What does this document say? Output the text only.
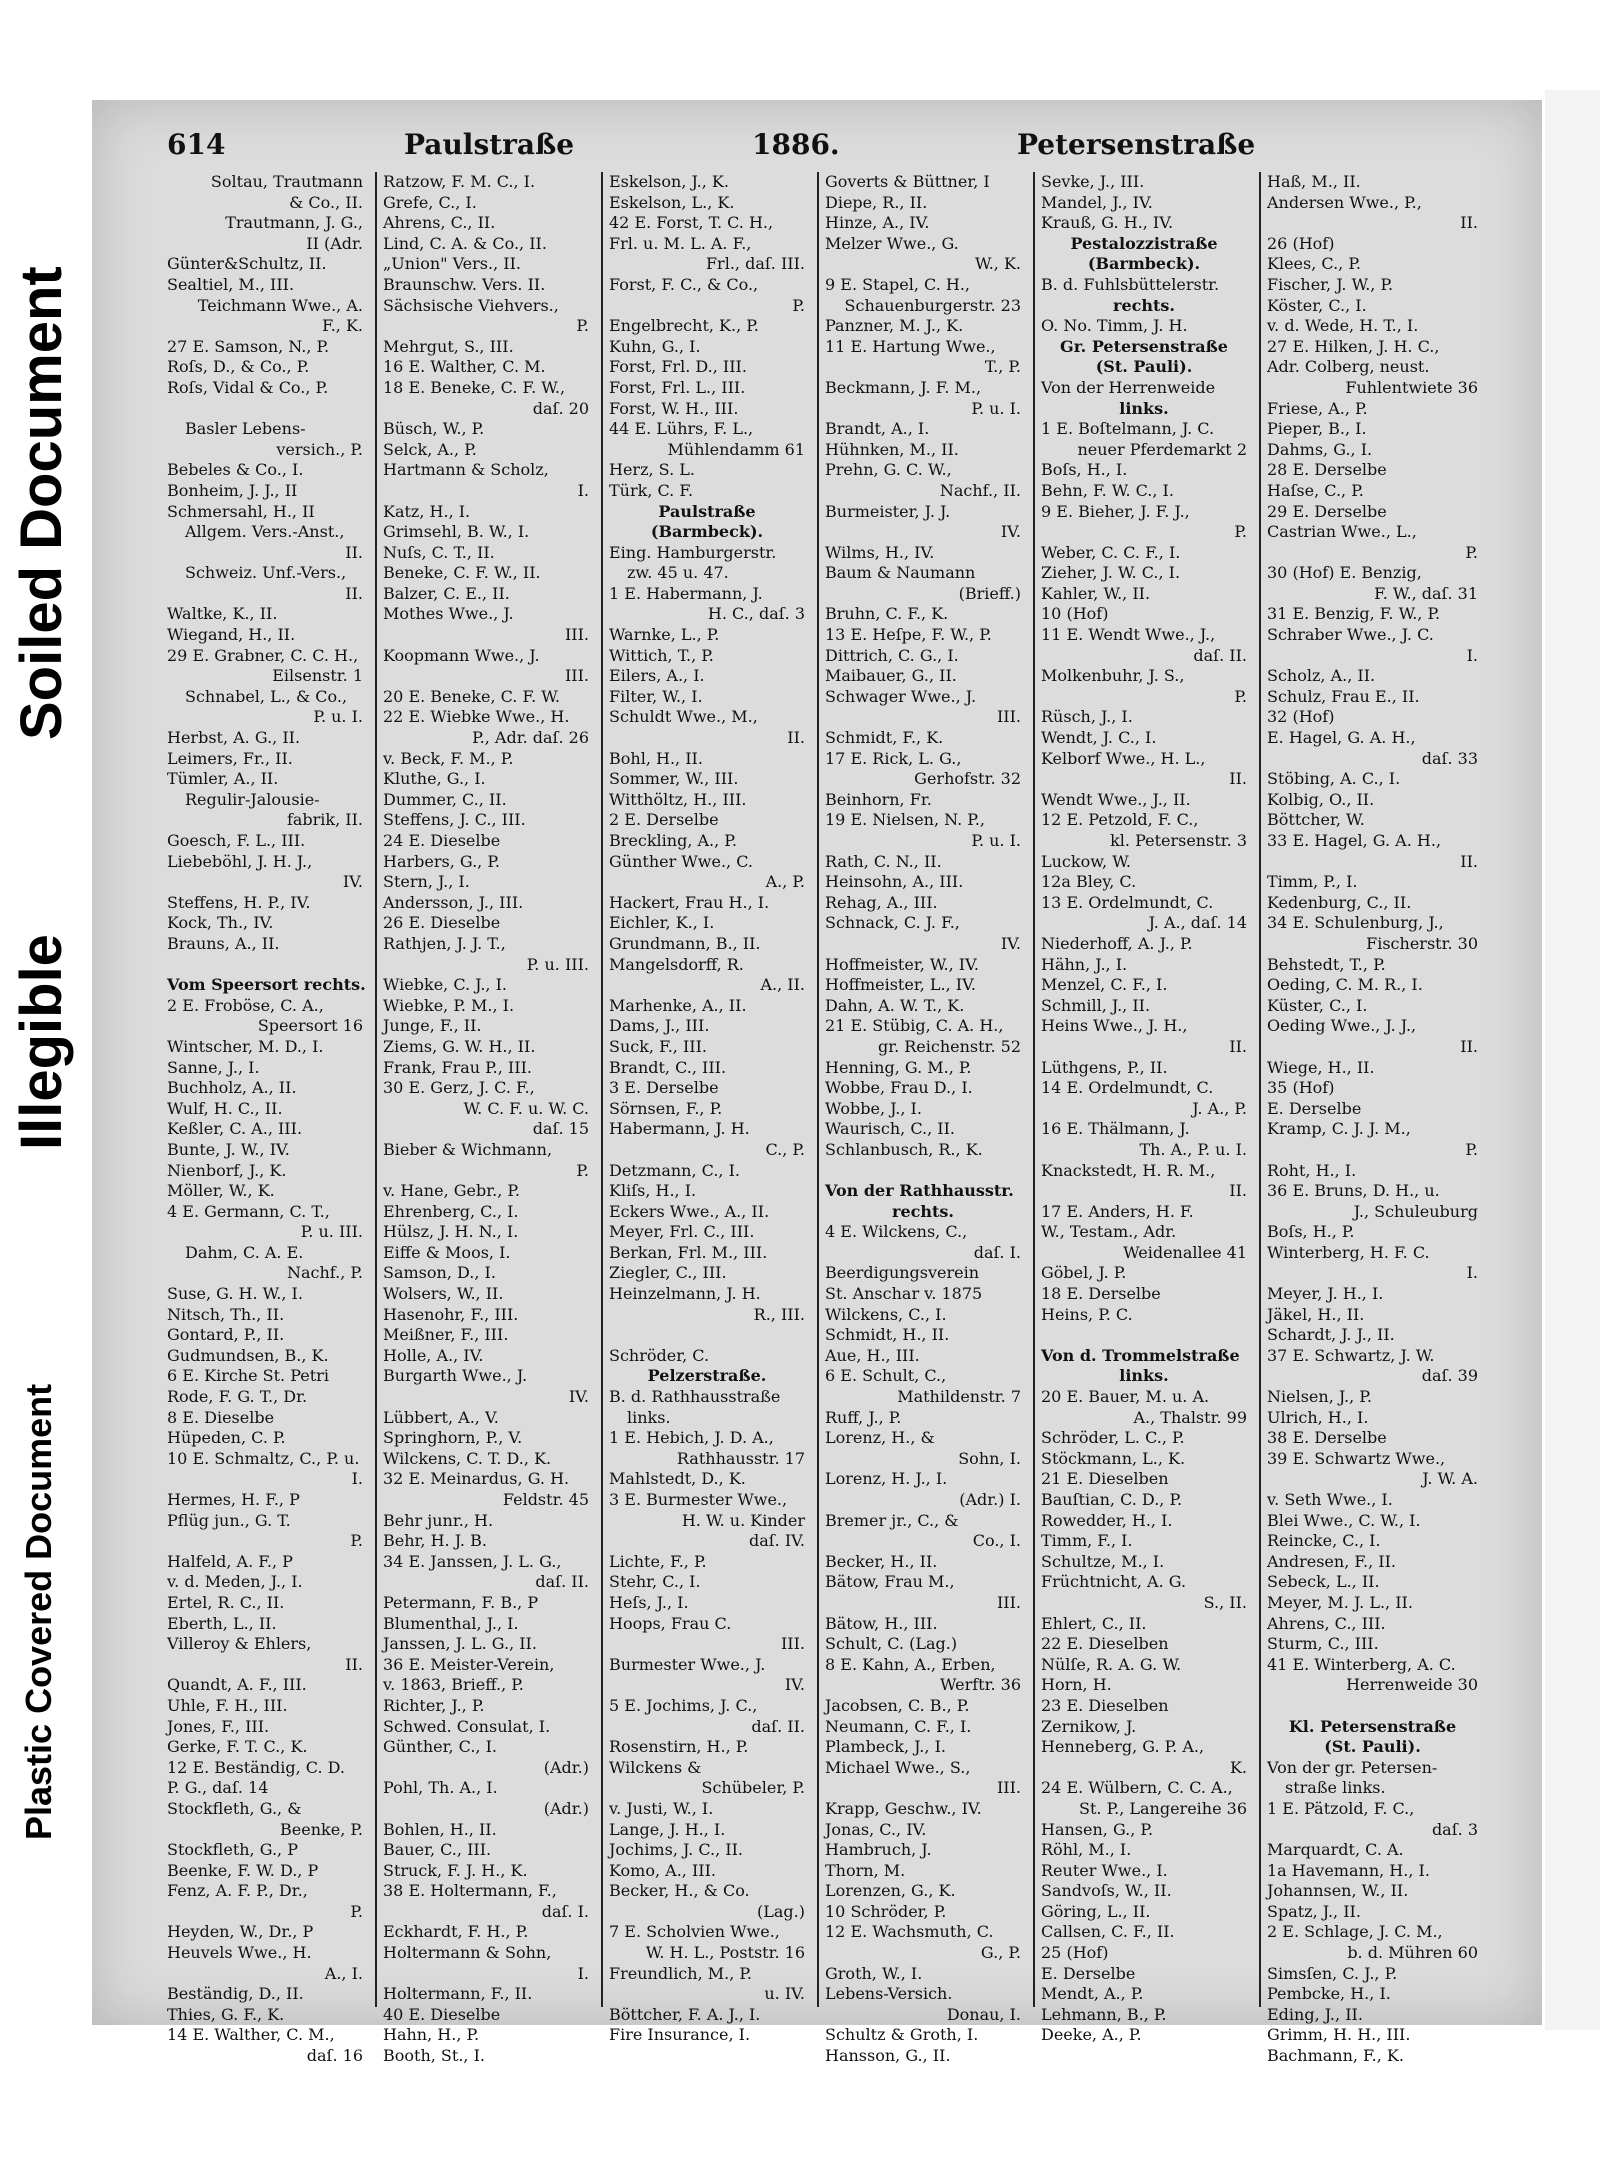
Soiled Document
Illegible
Plastic Covered Document
614	Paulstraße	1886.	Petersenstraße
Soltau, Trautmann
& Co., II.
Trautmann, J. G.,
II (Adr.
Günter&Schultz, II.
Sealtiel, M., III.
Teichmann Wwe., A.
F., K.
27 E. Samson, N., P.
Roſs, D., & Co., P.
Roſs, Vidal & Co., P.

Basler Lebens-
versich., P.
Bebeles & Co., I.
Bonheim, J. J., II
Schmersahl, H., II
Allgem. Vers.-Anst.,
II.
Schweiz. Unf.-Vers.,
II.
Waltke, K., II.
Wiegand, H., II.
29 E. Grabner, C. C. H.,
Eilsenstr. 1
Schnabel, L., & Co.,
P. u. I.
Herbst, A. G., II.
Leimers, Fr., II.
Tümler, A., II.
Regulir-Jalousie-
fabrik, II.
Goesch, F. L., III.
Liebeböhl, J. H. J.,
IV.
Steffens, H. P., IV.
Kock, Th., IV.
Brauns, A., II.

Vom Speersort rechts.
2 E. Froböse, C. A.,
Speersort 16
Wintscher, M. D., I.
Sanne, J., I.
Buchholz, A., II.
Wulf, H. C., II.
Keßler, C. A., III.
Bunte, J. W., IV.
Nienborf, J., K.
Möller, W., K.
4 E. Germann, C. T.,
P. u. III.
Dahm, C. A. E.
Nachf., P.
Suse, G. H. W., I.
Nitsch, Th., II.
Gontard, P., II.
Gudmundsen, B., K.
6 E. Kirche St. Petri
Rode, F. G. T., Dr.
8 E. Dieselbe
Hüpeden, C. P.
10 E. Schmaltz, C., P. u.
I.
Hermes, H. F., P
Pflüg jun., G. T.
P.
Halfeld, A. F., P
v. d. Meden, J., I.
Ertel, R. C., II.
Eberth, L., II.
Villeroy & Ehlers,
II.
Quandt, A. F., III.
Uhle, F. H., III.
Jones, F., III.
Gerke, F. T. C., K.
12 E. Beständig, C. D.
P. G., daſ. 14
Stockfleth, G., &
Beenke, P.
Stockfleth, G., P
Beenke, F. W. D., P
Fenz, A. F. P., Dr.,
P.
Heyden, W., Dr., P
Heuvels Wwe., H.
A., I.
Beständig, D., II.
Thies, G. F., K.
14 E. Walther, C. M.,
daſ. 16
Ratzow, F. M. C., I.
Grefe, C., I.
Ahrens, C., II.
Lind, C. A. & Co., II.
„Union" Vers., II.
Braunschw. Vers. II.
Sächsische Viehvers.,
P.
Mehrgut, S., III.
16 E. Walther, C. M.
18 E. Beneke, C. F. W.,
daſ. 20
Büsch, W., P.
Selck, A., P.
Hartmann & Scholz,
I.
Katz, H., I.
Grimsehl, B. W., I.
Nuſs, C. T., II.
Beneke, C. F. W., II.
Balzer, C. E., II.
Mothes Wwe., J.
III.
Koopmann Wwe., J.
III.
20 E. Beneke, C. F. W.
22 E. Wiebke Wwe., H.
P., Adr. daſ. 26
v. Beck, F. M., P.
Kluthe, G., I.
Dummer, C., II.
Steffens, J. C., III.
24 E. Dieselbe
Harbers, G., P.
Stern, J., I.
Andersson, J., III.
26 E. Dieselbe
Rathjen, J. J. T.,
P. u. III.
Wiebke, C. J., I.
Wiebke, P. M., I.
Junge, F., II.
Ziems, G. W. H., II.
Frank, Frau P., III.
30 E. Gerz, J. C. F.,
W. C. F. u. W. C.
daſ. 15
Bieber & Wichmann,
P.
v. Hane, Gebr., P.
Ehrenberg, C., I.
Hülsz, J. H. N., I.
Eiffe & Moos, I.
Samson, D., I.
Wolsers, W., II.
Hasenohr, F., III.
Meißner, F., III.
Holle, A., IV.
Burgarth Wwe., J.
IV.
Lübbert, A., V.
Springhorn, P., V.
Wilckens, C. T. D., K.
32 E. Meinardus, G. H.
Feldstr. 45
Behr junr., H.
Behr, H. J. B.
34 E. Janssen, J. L. G.,
daſ. II.
Petermann, F. B., P
Blumenthal, J., I.
Janssen, J. L. G., II.
36 E. Meister-Verein,
v. 1863, Brieff., P.
Richter, J., P.
Schwed. Consulat, I.
Günther, C., I.
(Adr.)
Pohl, Th. A., I.
(Adr.)
Bohlen, H., II.
Bauer, C., III.
Struck, F. J. H., K.
38 E. Holtermann, F.,
daſ. I.
Eckhardt, F. H., P.
Holtermann & Sohn,
I.
Holtermann, F., II.
40 E. Dieselbe
Hahn, H., P.
Booth, St., I.
Eskelson, J., K.
Eskelson, L., K.
42 E. Forst, T. C. H.,
Frl. u. M. L. A. F.,
Frl., daſ. III.
Forst, F. C., & Co.,
P.
Engelbrecht, K., P.
Kuhn, G., I.
Forst, Frl. D., III.
Forst, Frl. L., III.
Forst, W. H., III.
44 E. Lührs, F. L.,
Mühlendamm 61
Herz, S. L.
Türk, C. F.
Paulstraße
(Barmbeck).
Eing. Hamburgerstr.
zw. 45 u. 47.
1 E. Habermann, J.
H. C., daſ. 3
Warnke, L., P.
Wittich, T., P.
Eilers, A., I.
Filter, W., I.
Schuldt Wwe., M.,
II.
Bohl, H., II.
Sommer, W., III.
Witthöltz, H., III.
2 E. Derselbe
Breckling, A., P.
Günther Wwe., C.
A., P.
Hackert, Frau H., I.
Eichler, K., I.
Grundmann, B., II.
Mangelsdorff, R.
A., II.
Marhenke, A., II.
Dams, J., III.
Suck, F., III.
Brandt, C., III.
3 E. Derselbe
Sörnsen, F., P.
Habermann, J. H.
C., P.
Detzmann, C., I.
Kliſs, H., I.
Eckers Wwe., A., II.
Meyer, Frl. C., III.
Berkan, Frl. M., III.
Ziegler, C., III.
Heinzelmann, J. H.
R., III.

Schröder, C.
Pelzerstraße.
B. d. Rathhausstraße
links.
1 E. Hebich, J. D. A.,
Rathhausstr. 17
Mahlstedt, D., K.
3 E. Burmester Wwe.,
H. W. u. Kinder
daſ. IV.
Lichte, F., P.
Stehr, C., I.
Heſs, J., I.
Hoops, Frau C.
III.
Burmester Wwe., J.
IV.
5 E. Jochims, J. C.,
daſ. II.
Rosenstirn, H., P.
Wilckens &
Schübeler, P.
v. Justi, W., I.
Lange, J. H., I.
Jochims, J. C., II.
Komo, A., III.
Becker, H., & Co.
(Lag.)
7 E. Scholvien Wwe.,
W. H. L., Poststr. 16
Freundlich, M., P.
u. IV.
Böttcher, F. A. J., I.
Fire Insurance, I.
Goverts & Büttner, I
Diepe, R., II.
Hinze, A., IV.
Melzer Wwe., G.
W., K.
9 E. Stapel, C. H.,
Schauenburgerstr. 23
Panzner, M. J., K.
11 E. Hartung Wwe.,
T., P.
Beckmann, J. F. M.,
P. u. I.
Brandt, A., I.
Hühnken, M., II.
Prehn, G. C. W.,
Nachf., II.
Burmeister, J. J.
IV.
Wilms, H., IV.
Baum & Naumann
(Brieff.)
Bruhn, C. F., K.
13 E. Heſpe, F. W., P.
Dittrich, C. G., I.
Maibauer, G., II.
Schwager Wwe., J.
III.
Schmidt, F., K.
17 E. Rick, L. G.,
Gerhofstr. 32
Beinhorn, Fr.
19 E. Nielsen, N. P.,
P. u. I.
Rath, C. N., II.
Heinsohn, A., III.
Rehag, A., III.
Schnack, C. J. F.,
IV.
Hoffmeister, W., IV.
Hoffmeister, L., IV.
Dahn, A. W. T., K.
21 E. Stübig, C. A. H.,
gr. Reichenstr. 52
Henning, G. M., P.
Wobbe, Frau D., I.
Wobbe, J., I.
Waurisch, C., II.
Schlanbusch, R., K.

Von der Rathhausstr.
rechts.
4 E. Wilckens, C.,
daſ. I.
Beerdigungsverein
St. Anschar v. 1875
Wilckens, C., I.
Schmidt, H., II.
Aue, H., III.
6 E. Schult, C.,
Mathildenstr. 7
Ruff, J., P.
Lorenz, H., &
Sohn, I.
Lorenz, H. J., I.
(Adr.) I.
Bremer jr., C., &
Co., I.
Becker, H., II.
Bätow, Frau M.,
III.
Bätow, H., III.
Schult, C. (Lag.)
8 E. Kahn, A., Erben,
Werftr. 36
Jacobsen, C. B., P.
Neumann, C. F., I.
Plambeck, J., I.
Michael Wwe., S.,
III.
Krapp, Geschw., IV.
Jonas, C., IV.
Hambruch, J.
Thorn, M.
Lorenzen, G., K.
10 Schröder, P.
12 E. Wachsmuth, C.
G., P.
Groth, W., I.
Lebens-Versich.
Donau, I.
Schultz & Groth, I.
Hansson, G., II.
Sevke, J., III.
Mandel, J., IV.
Krauß, G. H., IV.
Pestalozzistraße
(Barmbeck).
B. d. Fuhlsbüttelerstr.
rechts.
O. No. Timm, J. H.
Gr. Petersenstraße
(St. Pauli).
Von der Herrenweide
links.
1 E. Boſtelmann, J. C.
neuer Pferdemarkt 2
Boſs, H., I.
Behn, F. W. C., I.
9 E. Bieher, J. F. J.,
P.
Weber, C. C. F., I.
Zieher, J. W. C., I.
Kahler, W., II.
10 (Hof)
11 E. Wendt Wwe., J.,
daſ. II.
Molkenbuhr, J. S.,
P.
Rüsch, J., I.
Wendt, J. C., I.
Kelborf Wwe., H. L.,
II.
Wendt Wwe., J., II.
12 E. Petzold, F. C.,
kl. Petersenstr. 3
Luckow, W.
12a Bley, C.
13 E. Ordelmundt, C.
J. A., daſ. 14
Niederhoff, A. J., P.
Hähn, J., I.
Menzel, C. F., I.
Schmill, J., II.
Heins Wwe., J. H.,
II.
Lüthgens, P., II.
14 E. Ordelmundt, C.
J. A., P.
16 E. Thälmann, J.
Th. A., P. u. I.
Knackstedt, H. R. M.,
II.
17 E. Anders, H. F.
W., Testam., Adr.
Weidenallee 41
Göbel, J. P.
18 E. Derselbe
Heins, P. C.

Von d. Trommelstraße
links.
20 E. Bauer, M. u. A.
A., Thalstr. 99
Schröder, L. C., P.
Stöckmann, L., K.
21 E. Dieselben
Bauſtian, C. D., P.
Rowedder, H., I.
Timm, F., I.
Schultze, M., I.
Früchtnicht, A. G.
S., II.
Ehlert, C., II.
22 E. Dieselben
Nülſe, R. A. G. W.
Horn, H.
23 E. Dieselben
Zernikow, J.
Henneberg, G. P. A.,
K.
24 E. Wülbern, C. C. A.,
St. P., Langereihe 36
Hansen, G., P.
Röhl, M., I.
Reuter Wwe., I.
Sandvoſs, W., II.
Göring, L., II.
Callsen, C. F., II.
25 (Hof)
E. Derselbe
Mendt, A., P.
Lehmann, B., P.
Deeke, A., P.
Haß, M., II.
Andersen Wwe., P.,
II.
26 (Hof)
Klees, C., P.
Fischer, J. W., P.
Köster, C., I.
v. d. Wede, H. T., I.
27 E. Hilken, J. H. C.,
Adr. Colberg, neust.
Fuhlentwiete 36
Friese, A., P.
Pieper, B., I.
Dahms, G., I.
28 E. Derselbe
Haſse, C., P.
29 E. Derselbe
Castrian Wwe., L.,
P.
30 (Hof) E. Benzig,
F. W., daſ. 31
31 E. Benzig, F. W., P.
Schraber Wwe., J. C.
I.
Scholz, A., II.
Schulz, Frau E., II.
32 (Hof)
E. Hagel, G. A. H.,
daſ. 33
Stöbing, A. C., I.
Kolbig, O., II.
Böttcher, W.
33 E. Hagel, G. A. H.,
II.
Timm, P., I.
Kedenburg, C., II.
34 E. Schulenburg, J.,
Fischerstr. 30
Behstedt, T., P.
Oeding, C. M. R., I.
Küster, C., I.
Oeding Wwe., J. J.,
II.
Wiege, H., II.
35 (Hof)
E. Derselbe
Kramp, C. J. J. M.,
P.
Roht, H., I.
36 E. Bruns, D. H., u.
J., Schuleuburg
Boſs, H., P.
Winterberg, H. F. C.
I.
Meyer, J. H., I.
Jäkel, H., II.
Schardt, J. J., II.
37 E. Schwartz, J. W.
daſ. 39
Nielsen, J., P.
Ulrich, H., I.
38 E. Derselbe
39 E. Schwartz Wwe.,
J. W. A.
v. Seth Wwe., I.
Blei Wwe., C. W., I.
Reincke, C., I.
Andresen, F., II.
Sebeck, L., II.
Meyer, M. J. L., II.
Ahrens, C., III.
Sturm, C., III.
41 E. Winterberg, A. C.
Herrenweide 30

Kl. Petersenstraße
(St. Pauli).
Von der gr. Petersen-
straße links.
1 E. Pätzold, F. C.,
daſ. 3
Marquardt, C. A.
1a Havemann, H., I.
Johannsen, W., II.
Spatz, J., II.
2 E. Schlage, J. C. M.,
b. d. Mühren 60
Simsſen, C. J., P.
Pembcke, H., I.
Eding, J., II.
Grimm, H. H., III.
Bachmann, F., K.
